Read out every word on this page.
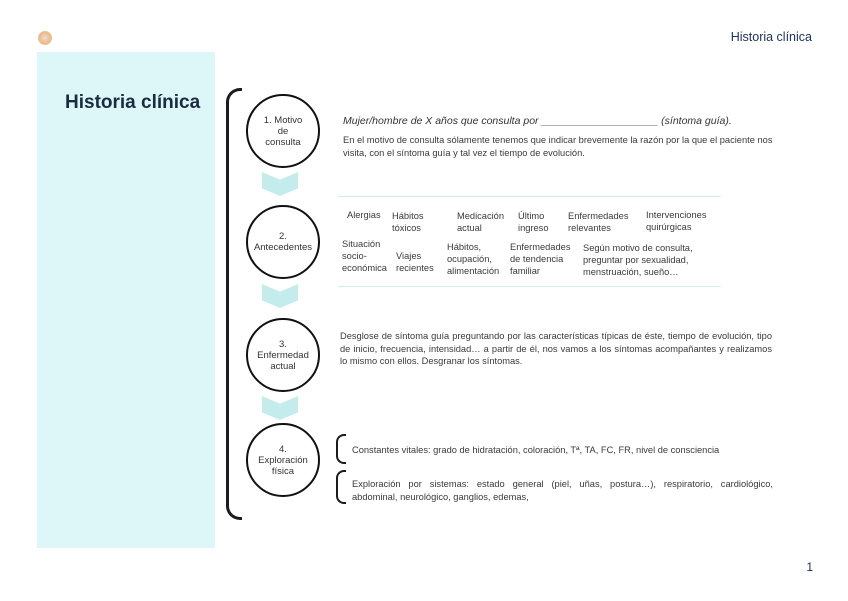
Historia clínica
Historia clínica
1. Motivo
de
consulta
2.
Antecedentes
3.
Enfermedad
actual
4.
Exploración
física
Mujer/hombre de X años que consulta por ____________________ (síntoma guía).
En el motivo de consulta sólamente tenemos que indicar brevemente la razón por la que el paciente nos visita, con el síntoma guía y tal vez el tiempo de evolución.
Alergias Hábitos
tóxicos
Medicación
actual
Último
ingreso
Enfermedades
relevantes
Intervenciones
quirúrgicas
Situación
socio-
económica
Viajes
recientes
Hábitos,
ocupación,
alimentación
Enfermedades
de tendencia
familiar
Según motivo de consulta,
preguntar por sexualidad,
menstruación, sueño…
Desglose de síntoma guía preguntando por las características típicas de éste, tiempo de evolución, tipo de inicio, frecuencia, intensidad… a partir de él, nos vamos a los síntomas acompañantes y realizamos lo mismo con ellos. Desgranar los síntomas.
Constantes vitales: grado de hidratación, coloración, Tª, TA, FC, FR, nivel de consciencia
Exploración por sistemas: estado general (piel, uñas, postura…), respiratorio, cardiológico, abdominal, neurológico, ganglios, edemas,
1
